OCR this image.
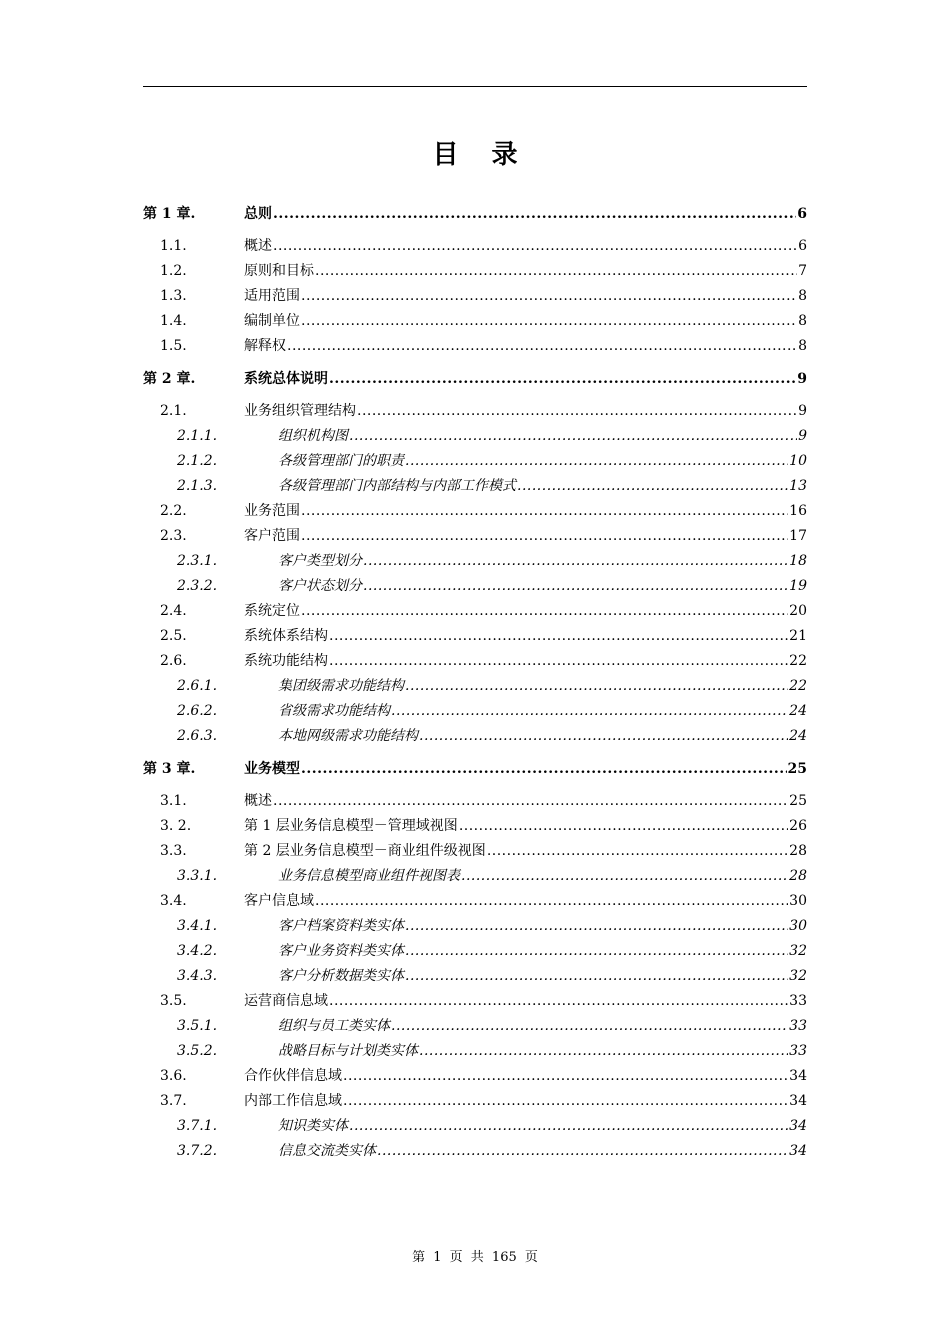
目 录
第 1 章.	总则 .....	6
1.1.	概述 .....	6
1.2.	原则和目标 .....	7
1.3.	适用范围 .....	8
1.4.	编制单位 .....	8
1.5.	解释权 .....	8
第 2 章.	系统总体说明 .....	9
2.1.	业务组织管理结构 .....	9
2.1.1.	组织机构图 .....	9
2.1.2.	各级管理部门的职责 .....	10
2.1.3.	各级管理部门内部结构与内部工作模式 .....	13
2.2.	业务范围 .....	16
2.3.	客户范围 .....	17
2.3.1.	客户类型划分 .....	18
2.3.2.	客户状态划分 .....	19
2.4.	系统定位 .....	20
2.5.	系统体系结构 .....	21
2.6.	系统功能结构 .....	22
2.6.1.	集团级需求功能结构 .....	22
2.6.2.	省级需求功能结构 .....	24
2.6.3.	本地网级需求功能结构 .....	24
第 3 章.	业务模型 .....	25
3.1.	概述 .....	25
3. 2.	第 1 层业务信息模型－管理域视图 .....	26
3.3.	第 2 层业务信息模型－商业组件级视图 .....	28
3.3.1.	业务信息模型商业组件视图表 .....	28
3.4.	客户信息域 .....	30
3.4.1.	客户档案资料类实体 .....	30
3.4.2.	客户业务资料类实体 .....	32
3.4.3.	客户分析数据类实体 .....	32
3.5.	运营商信息域 .....	33
3.5.1.	组织与员工类实体 .....	33
3.5.2.	战略目标与计划类实体 .....	33
3.6.	合作伙伴信息域 .....	34
3.7.	内部工作信息域 .....	34
3.7.1.	知识类实体 .....	34
3.7.2.	信息交流类实体 .....	34
第 1 页 共 165 页
